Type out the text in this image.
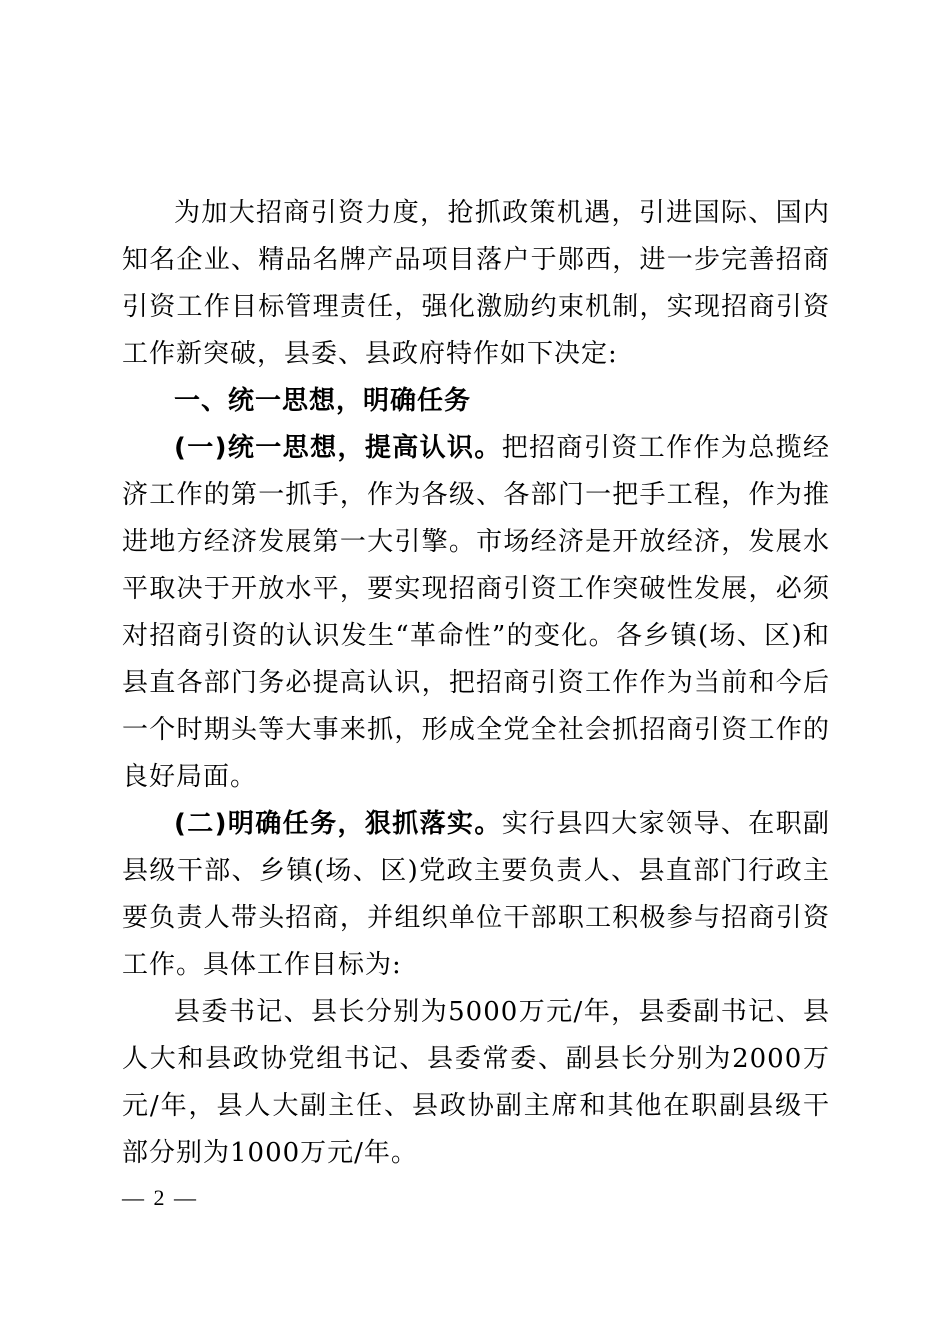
为加大招商引资力度，抢抓政策机遇，引进国际、国内知名企业、精品名牌产品项目落户于郧西，进一步完善招商引资工作目标管理责任，强化激励约束机制，实现招商引资工作新突破，县委、县政府特作如下决定:

一、统一思想，明确任务

(一)统一思想，提高认识。把招商引资工作作为总揽经济工作的第一抓手，作为各级、各部门一把手工程，作为推进地方经济发展第一大引擎。市场经济是开放经济，发展水平取决于开放水平，要实现招商引资工作突破性发展，必须对招商引资的认识发生“革命性”的变化。各乡镇(场、区)和县直各部门务必提高认识，把招商引资工作作为当前和今后一个时期头等大事来抓，形成全党全社会抓招商引资工作的良好局面。

(二)明确任务，狠抓落实。实行县四大家领导、在职副县级干部、乡镇(场、区)党政主要负责人、县直部门行政主要负责人带头招商，并组织单位干部职工积极参与招商引资工作。具体工作目标为:

县委书记、县长分别为5000万元/年，县委副书记、县人大和县政协党组书记、县委常委、副县长分别为2000万元/年，县人大副主任、县政协副主席和其他在职副县级干部分别为1000万元/年。

— 2 —
